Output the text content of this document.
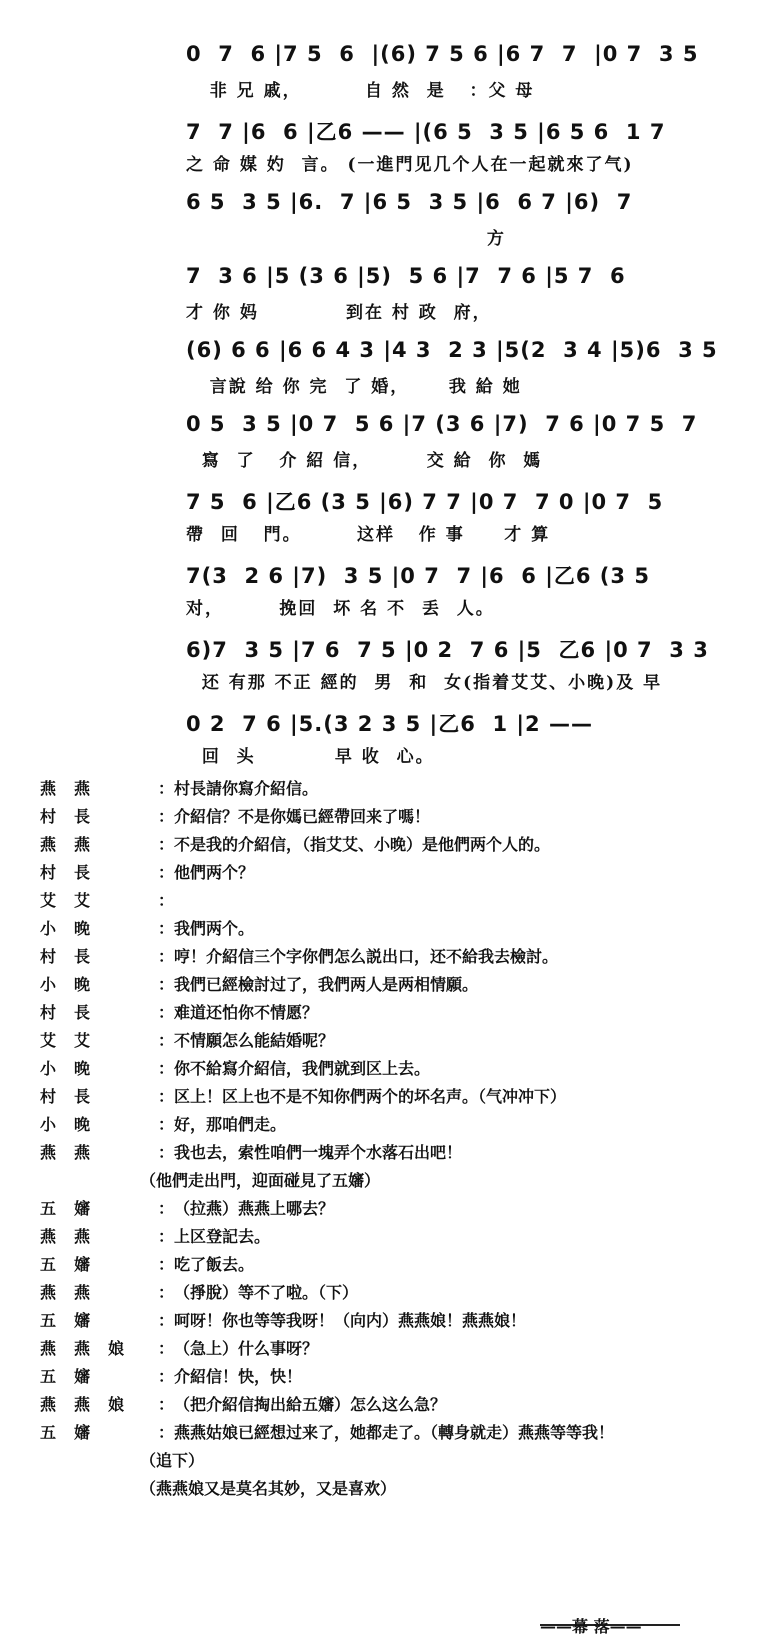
0  7  6 |7 5  6  |(6) 7 5 6 |6 7  7  |0 7  3 5
非 兄 戚，        自 然  是   ：父 母
7  7 |6  6 |乙6 —— |(6 5  3 5 |6 5 6  1 7
之 命 媒 妁  言。 (一進門见几个人在一起就來了气)
6 5  3 5 |6.  7 |6 5  3 5 |6  6 7 |6)  7
方
7  3 6 |5 (3 6 |5)  5 6 |7  7 6 |5 7  6
才 你 妈           到在 村 政  府，
(6) 6 6 |6 6 4 3 |4 3  2 3 |5(2  3 4 |5)6  3 5
言說 给 你 完  了 婚，     我 給 她
0 5  3 5 |0 7  5 6 |7 (3 6 |7)  7 6 |0 7 5  7
寫  了   介 紹 信，       交 給  你  媽
7 5  6 |乙6 (3 5 |6) 7 7 |0 7  7 0 |0 7  5
帶  回   門。       这样   作 事     才 算
7(3  2 6 |7)  3 5 |0 7  7 |6  6 |乙6 (3 5
对，       挽回  坏 名 不  丢  人。
6)7  3 5 |7 6  7 5 |0 2  7 6 |5  乙6 |0 7  3 3
还 有那 不正 經的  男  和  女(指着艾艾、小晚)及 早
0 2  7 6 |5.(3 2 3 5 |乙6  1 |2 ——
回  头          早 收  心。
燕燕	： 村長請你寫介紹信。
村長	： 介紹信？不是你媽已經帶回来了嗎！
燕燕	： 不是我的介紹信，（指艾艾、小晚）是他們两个人的。
村長	： 他們两个？
艾艾	：
小晚	： 我們两个。
村長	： 哼！介紹信三个字你們怎么説出口，还不給我去檢討。
小晚	： 我們已經檢討过了，我們两人是两相情願。
村長	： 难道还怕你不情愿？
艾艾	： 不情願怎么能結婚呢？
小晚	： 你不給寫介紹信，我們就到区上去。
村長	： 区上！区上也不是不知你們两个的坏名声。（气冲冲下）
小晚	： 好，那咱們走。
燕燕	： 我也去，索性咱們一塊弄个水落石出吧！
（他們走出門，迎面碰見了五嬸）
五嬸	： （拉燕）燕燕上哪去？
燕燕	： 上区登記去。
五嬸	： 吃了飯去。
燕燕	： （掙脫）等不了啦。（下）
五嬸	： 呵呀！你也等等我呀！（向内）燕燕娘！燕燕娘！
燕燕娘 ： （急上）什么事呀？
五嬸	： 介紹信！快，快！
燕燕娘 ： （把介紹信掏出給五嬸）怎么这么急？
五嬸	： 燕燕姑娘已經想过来了，她都走了。（轉身就走）燕燕等等我！
（追下）
（燕燕娘又是莫名其妙，又是喜欢）
——幕 落——
